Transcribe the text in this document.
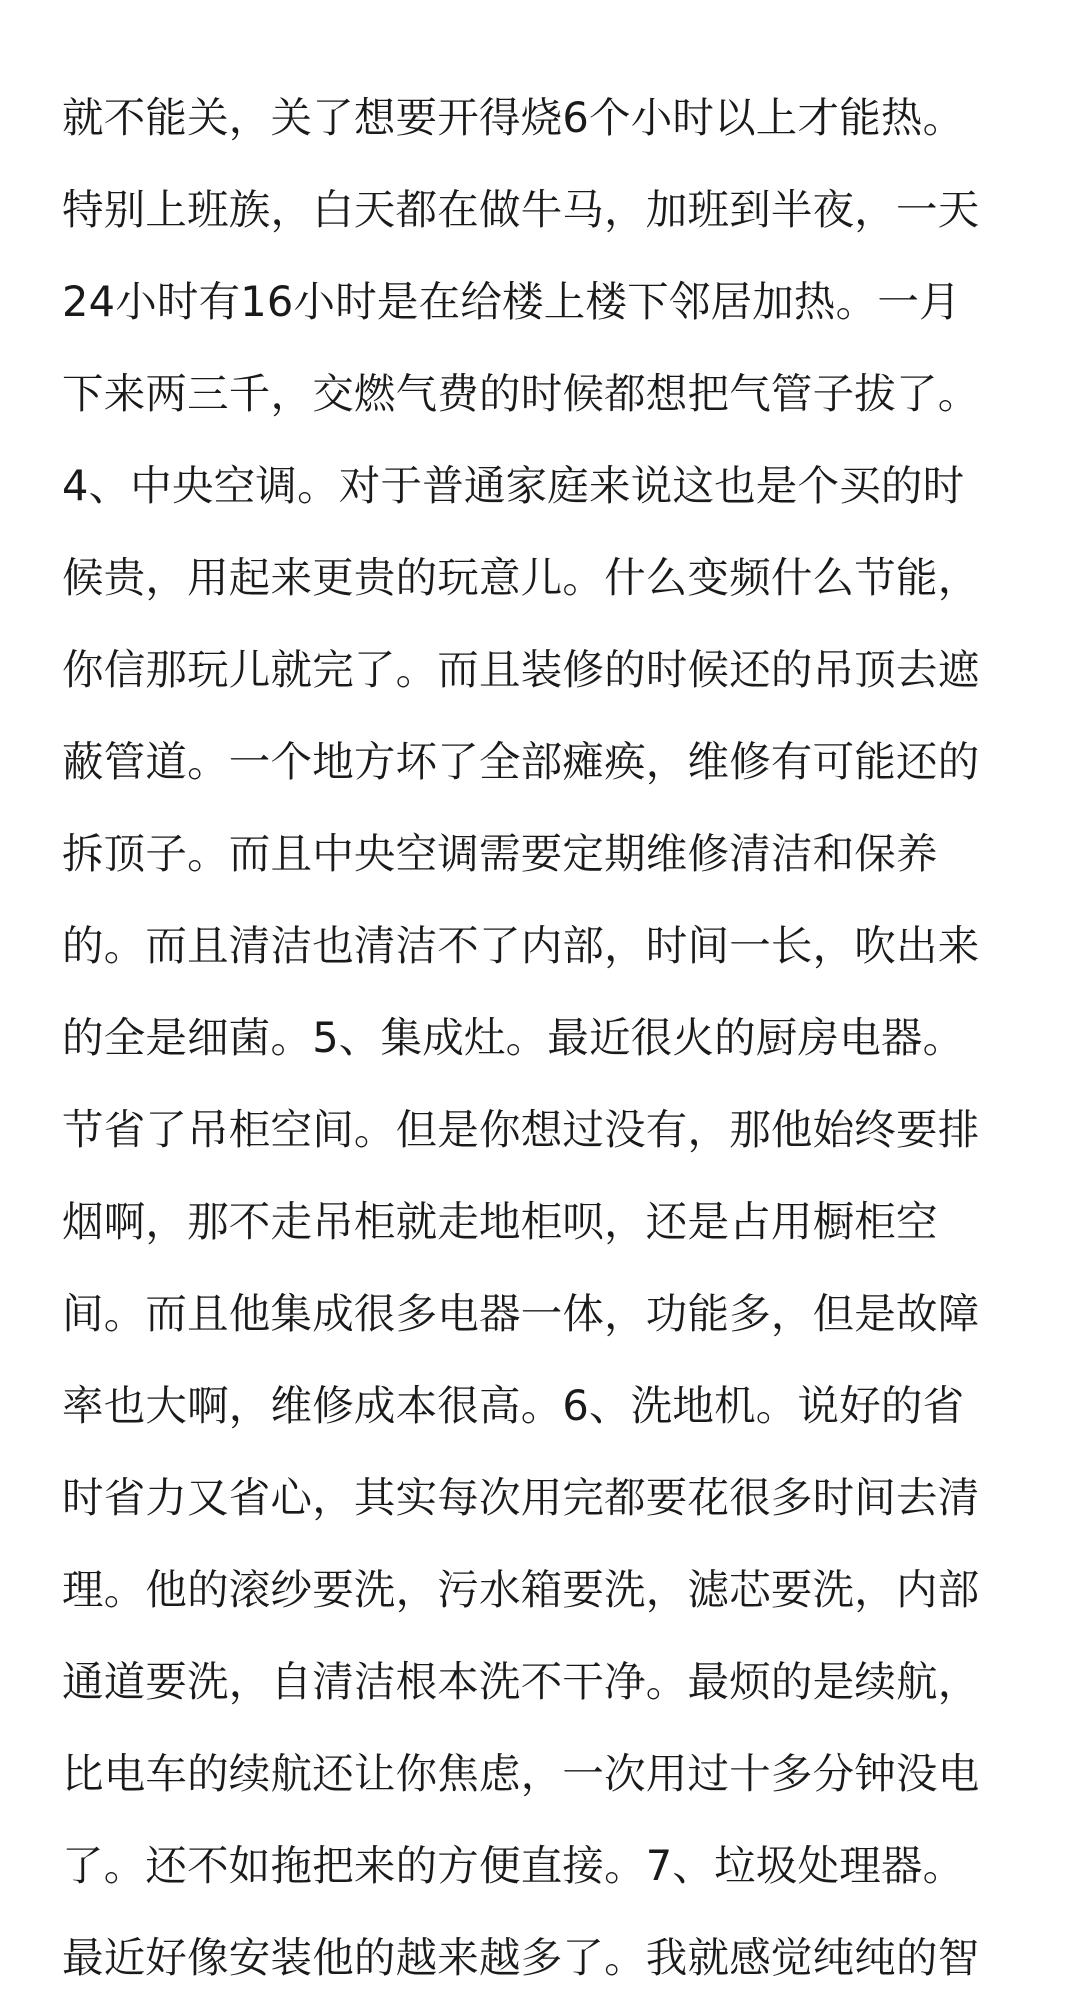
就不能关，关了想要开得烧6个小时以上才能热。
特别上班族，白天都在做牛马，加班到半夜，一天
24小时有16小时是在给楼上楼下邻居加热。一月
下来两三千，交燃气费的时候都想把气管子拔了。
4、中央空调。对于普通家庭来说这也是个买的时
候贵，用起来更贵的玩意儿。什么变频什么节能，
你信那玩儿就完了。而且装修的时候还的吊顶去遮
蔽管道。一个地方坏了全部瘫痪，维修有可能还的
拆顶子。而且中央空调需要定期维修清洁和保养
的。而且清洁也清洁不了内部，时间一长，吹出来
的全是细菌。5、集成灶。最近很火的厨房电器。
节省了吊柜空间。但是你想过没有，那他始终要排
烟啊，那不走吊柜就走地柜呗，还是占用橱柜空
间。而且他集成很多电器一体，功能多，但是故障
率也大啊，维修成本很高。6、洗地机。说好的省
时省力又省心，其实每次用完都要花很多时间去清
理。他的滚纱要洗，污水箱要洗，滤芯要洗，内部
通道要洗，自清洁根本洗不干净。最烦的是续航，
比电车的续航还让你焦虑，一次用过十多分钟没电
了。还不如拖把来的方便直接。7、垃圾处理器。
最近好像安装他的越来越多了。我就感觉纯纯的智
